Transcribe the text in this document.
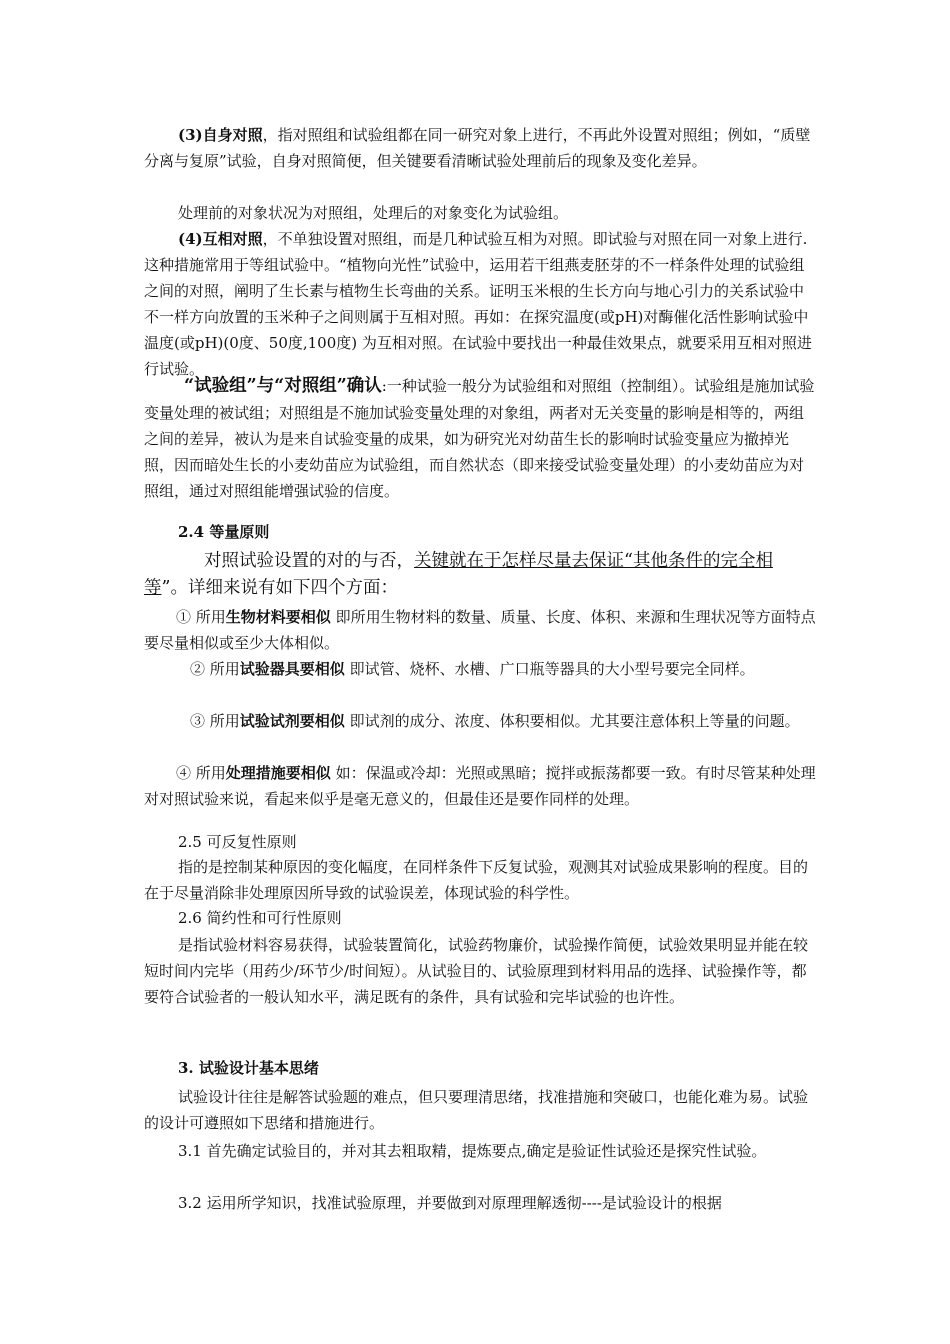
(3)自身对照，指对照组和试验组都在同一研究对象上进行，不再此外设置对照组；例如，“质壁分离与复原”试验，自身对照简便，但关键要看清晰试验处理前后的现象及变化差异。

处理前的对象状况为对照组，处理后的对象变化为试验组。

(4)互相对照，不单独设置对照组，而是几种试验互相为对照。即试验与对照在同一对象上进行.这种措施常用于等组试验中。“植物向光性”试验中，运用若干组燕麦胚芽的不一样条件处理的试验组之间的对照，阐明了生长素与植物生长弯曲的关系。证明玉米根的生长方向与地心引力的关系试验中不一样方向放置的玉米种子之间则属于互相对照。再如：在探究温度(或pH)对酶催化活性影响试验中温度(或pH)(0度、50度,100度) 为互相对照。在试验中要找出一种最佳效果点，就要采用互相对照进行试验。

“试验组”与“对照组”确认:一种试验一般分为试验组和对照组（控制组）。试验组是施加试验变量处理的被试组；对照组是不施加试验变量处理的对象组，两者对无关变量的影响是相等的，两组之间的差异，被认为是来自试验变量的成果，如为研究光对幼苗生长的影响时试验变量应为撤掉光照，因而暗处生长的小麦幼苗应为试验组，而自然状态（即来接受试验变量处理）的小麦幼苗应为对照组，通过对照组能增强试验的信度。

2.4 等量原则

对照试验设置的对的与否，关键就在于怎样尽量去保证“其他条件的完全相等”。详细来说有如下四个方面：

① 所用生物材料要相似 即所用生物材料的数量、质量、长度、体积、来源和生理状况等方面特点要尽量相似或至少大体相似。

② 所用试验器具要相似 即试管、烧杯、水槽、广口瓶等器具的大小型号要完全同样。

③ 所用试验试剂要相似 即试剂的成分、浓度、体积要相似。尤其要注意体积上等量的问题。

④ 所用处理措施要相似 如：保温或冷却：光照或黑暗；搅拌或振荡都要一致。有时尽管某种处理对对照试验来说，看起来似乎是毫无意义的，但最佳还是要作同样的处理。

2.5 可反复性原则

指的是控制某种原因的变化幅度，在同样条件下反复试验，观测其对试验成果影响的程度。目的在于尽量消除非处理原因所导致的试验误差，体现试验的科学性。

2.6 简约性和可行性原则

是指试验材料容易获得，试验装置简化，试验药物廉价，试验操作简便，试验效果明显并能在较短时间内完毕（用药少/环节少/时间短）。从试验目的、试验原理到材料用品的选择、试验操作等，都要符合试验者的一般认知水平，满足既有的条件，具有试验和完毕试验的也许性。

3. 试验设计基本思绪

试验设计往往是解答试验题的难点，但只要理清思绪，找准措施和突破口，也能化难为易。试验的设计可遵照如下思绪和措施进行。

3.1 首先确定试验目的，并对其去粗取精，提炼要点,确定是验证性试验还是探究性试验。

3.2 运用所学知识，找准试验原理，并要做到对原理理解透彻----是试验设计的根据
